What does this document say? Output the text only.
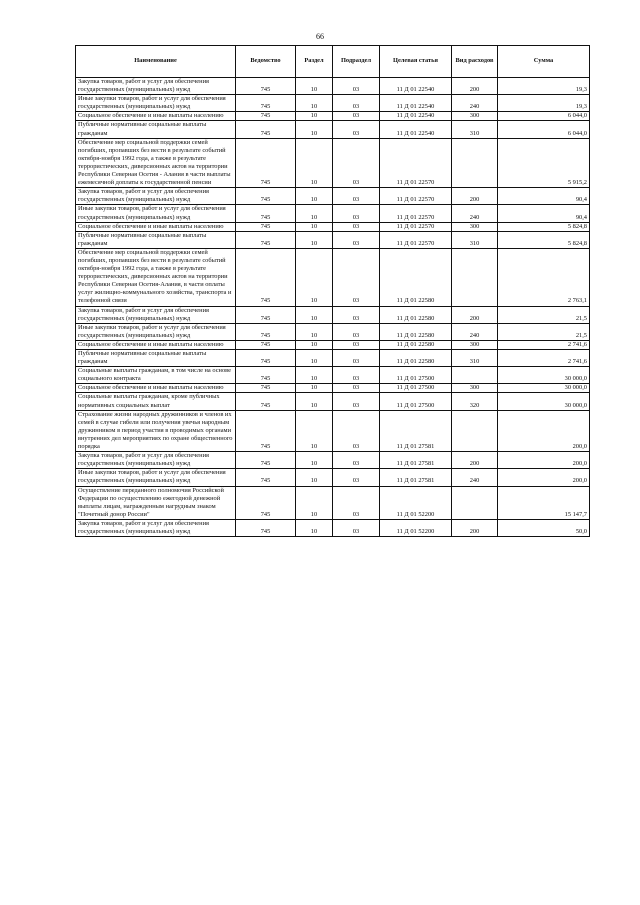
66
Наименование	Ведомство	Раздел	Подраздел	Целевая статья	Вид расходов	Сумма
Закупка товаров, работ и услуг для обеспечения государственных (муниципальных) нужд	745	10	03	11 Д 01 22540	200	19,3
Иные закупки товаров, работ и услуг для обеспечения государственных (муниципальных) нужд	745	10	03	11 Д 01 22540	240	19,3
Социальное обеспечение и иные выплаты населению	745	10	03	11 Д 01 22540	300	6 044,0
Публичные нормативные социальные выплаты гражданам	745	10	03	11 Д 01 22540	310	6 044,0
Обеспечение мер социальной поддержки семей погибших, пропавших без вести в результате событий октября-ноября 1992 года, а также в результате террористических, диверсионных актов на территории Республики Северная Осетия - Алания в части выплаты ежемесячной доплаты к государственной пенсии	745	10	03	11 Д 01 22570		5 915,2
Закупка товаров, работ и услуг для обеспечения государственных (муниципальных) нужд	745	10	03	11 Д 01 22570	200	90,4
Иные закупки товаров, работ и услуг для обеспечения государственных (муниципальных) нужд	745	10	03	11 Д 01 22570	240	90,4
Социальное обеспечение и иные выплаты населению	745	10	03	11 Д 01 22570	300	5 824,8
Публичные нормативные социальные выплаты гражданам	745	10	03	11 Д 01 22570	310	5 824,8
Обеспечение мер социальной поддержки семей погибших, пропавших без вести в результате событий октября-ноября 1992 года, а также в результате террористических, диверсионных актов на территории Республики Северная Осетия-Алания, в части оплаты услуг жилищно-коммунального хозяйства, транспорта и телефонной связи	745	10	03	11 Д 01 22580		2 763,1
Закупка товаров, работ и услуг для обеспечения государственных (муниципальных) нужд	745	10	03	11 Д 01 22580	200	21,5
Иные закупки товаров, работ и услуг для обеспечения государственных (муниципальных) нужд	745	10	03	11 Д 01 22580	240	21,5
Социальное обеспечение и иные выплаты населению	745	10	03	11 Д 01 22580	300	2 741,6
Публичные нормативные социальные выплаты гражданам	745	10	03	11 Д 01 22580	310	2 741,6
Социальные выплаты гражданам, в том числе на основе социального контракта	745	10	03	11 Д 01 27500		30 000,0
Социальное обеспечение и иные выплаты населению	745	10	03	11 Д 01 27500	300	30 000,0
Социальные выплаты гражданам, кроме публичных нормативных социальных выплат	745	10	03	11 Д 01 27500	320	30 000,0
Страхование жизни народных дружинников и членов их семей в случае гибели или получения увечья народным дружинником в период участия в проводимых органами внутренних дел мероприятиях по охране общественного порядка	745	10	03	11 Д 01 27581		200,0
Закупка товаров, работ и услуг для обеспечения государственных (муниципальных) нужд	745	10	03	11 Д 01 27581	200	200,0
Иные закупки товаров, работ и услуг для обеспечения государственных (муниципальных) нужд	745	10	03	11 Д 01 27581	240	200,0
Осуществление переданного полномочия Российской Федерации по осуществлению ежегодной денежной выплаты лицам, награжденным нагрудным знаком "Почетный донор России"	745	10	03	11 Д 01 52200		15 147,7
Закупка товаров, работ и услуг для обеспечения государственных (муниципальных) нужд	745	10	03	11 Д 01 52200	200	50,0
